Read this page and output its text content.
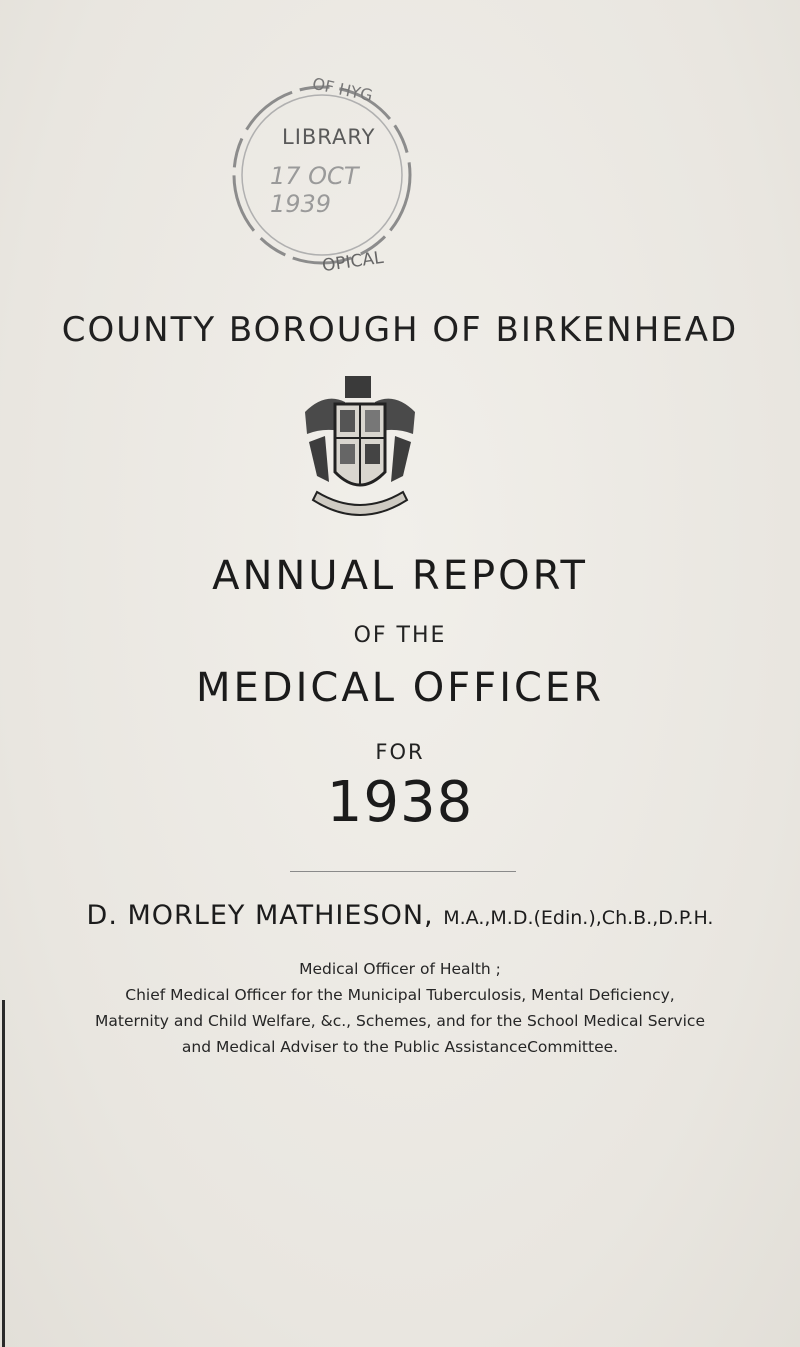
OF HYG
LIBRARY
17 OCT 1939
OPICAL
COUNTY BOROUGH OF BIRKENHEAD
ANNUAL REPORT
OF THE
MEDICAL OFFICER
FOR
1938
D. MORLEY MATHIESON, M.A.,M.D.(Edin.),Ch.B.,D.P.H.
Medical Officer of Health ;
Chief Medical Officer for the Municipal Tuberculosis, Mental Deficiency,
Maternity and Child Welfare, &c., Schemes, and for the School Medical Service
and Medical Adviser to the Public AssistanceCommittee.
